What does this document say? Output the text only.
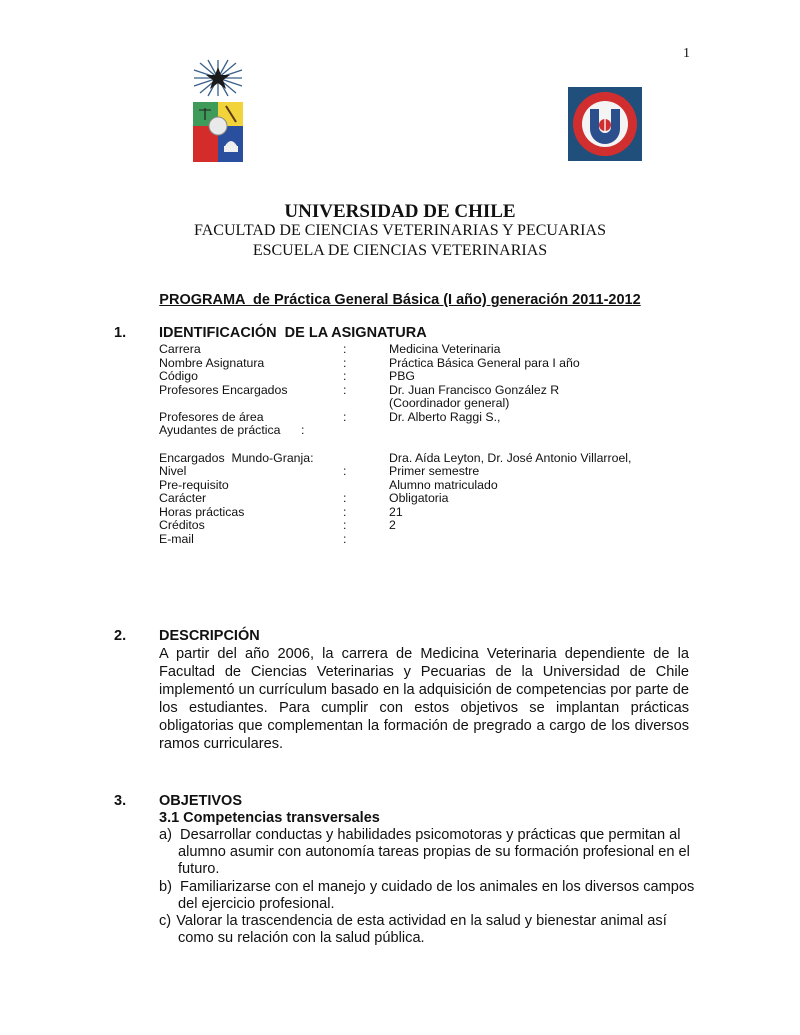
1
UNIVERSIDAD DE CHILE
FACULTAD DE CIENCIAS VETERINARIAS Y PECUARIAS
ESCUELA DE CIENCIAS VETERINARIAS
PROGRAMA  de Práctica General Básica (I año) generación 2011-2012
1. IDENTIFICACIÓN  DE LA ASIGNATURA
Carrera	:	Medicina Veterinaria
Nombre Asignatura	:	Práctica Básica General para I año
Código	:	PBG
Profesores Encargados	:	Dr. Juan Francisco González R
(Coordinador general)
Profesores de área	:	Dr. Alberto Raggi S.,
Ayudantes de práctica      :
Encargados  Mundo-Granja:	Dra. Aída Leyton, Dr. José Antonio Villarroel,
Nivel	:	Primer semestre
Pre-requisito	Alumno matriculado
Carácter	:	Obligatoria
Horas prácticas	:	21
Créditos	:	2
E-mail	:
2. DESCRIPCIÓN
A partir del año 2006, la carrera de Medicina Veterinaria dependiente de la Facultad de Ciencias Veterinarias y Pecuarias de la Universidad de Chile implementó un currículum basado en la adquisición de competencias por parte de los estudiantes. Para cumplir con estos objetivos se implantan prácticas obligatorias que complementan la formación de pregrado a cargo de los diversos ramos curriculares.
3. OBJETIVOS
3.1 Competencias transversales
a) Desarrollar conductas y habilidades psicomotoras y prácticas que permitan al
alumno asumir con autonomía tareas propias de su formación profesional en el
futuro.
b) Familiarizarse con el manejo y cuidado de los animales en los diversos campos
del ejercicio profesional.
c) Valorar la trascendencia de esta actividad en la salud y bienestar animal así
como su relación con la salud pública.
